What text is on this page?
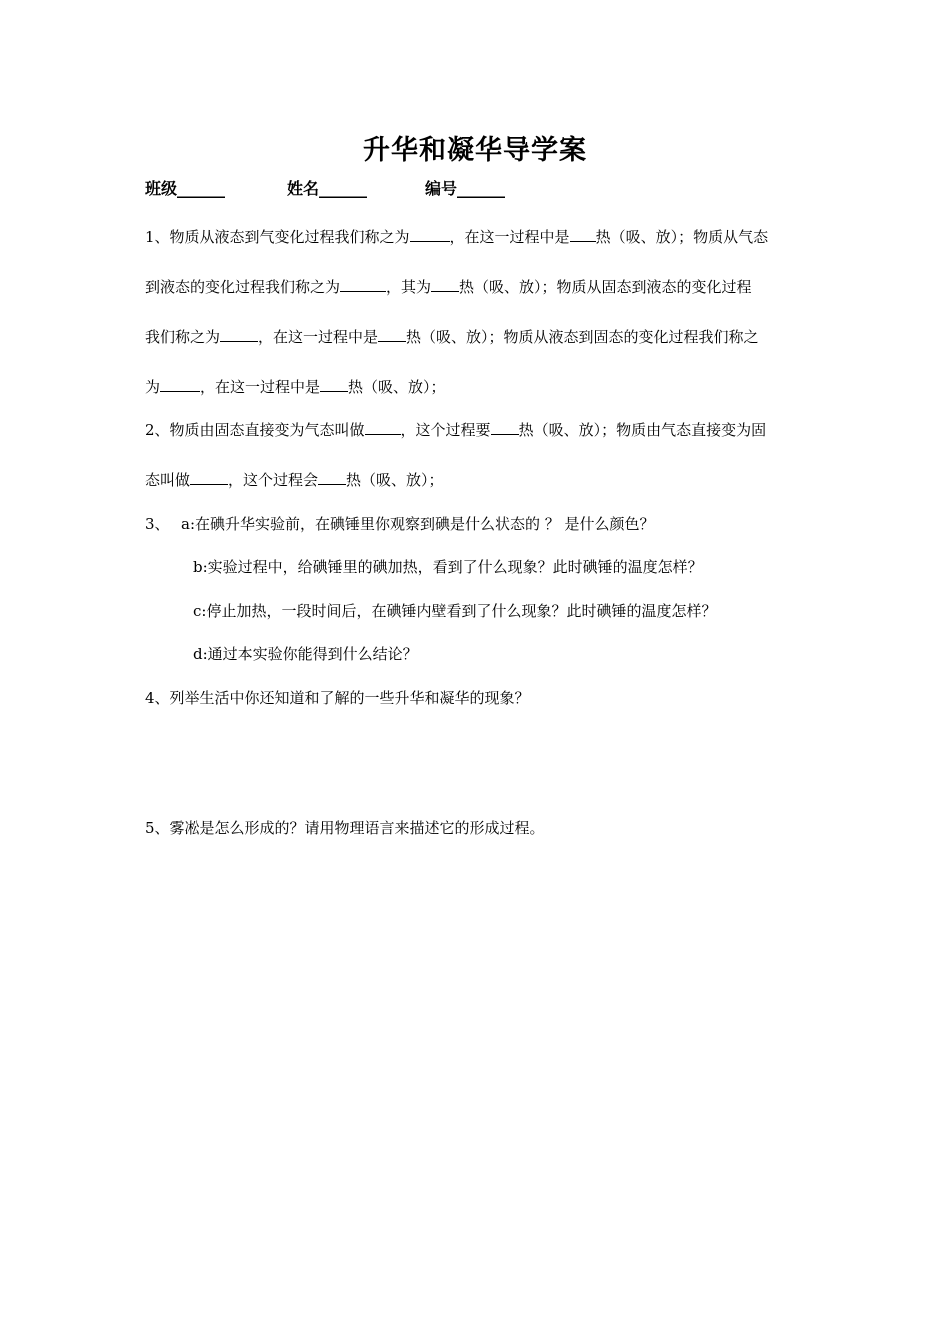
升华和凝华导学案
班级______	姓名______	编号______
1、物质从液态到气变化过程我们称之为	，在这一过程中是 热（吸、放）；物质从气态
到液态的变化过程我们称之为	，其为 热（吸、放）；物质从固态到液态的变化过程
我们称之为	，在这一过程中是 热（吸、放）；物质从液态到固态的变化过程我们称之
为	，在这一过程中是 热（吸、放）；
2、物质由固态直接变为气态叫做 ，这个过程要 热（吸、放）；物质由气态直接变为固
态叫做	，这个过程会 热（吸、放）；
3、 a:在碘升华实验前，在碘锤里你观察到碘是什么状态的 ？ 是什么颜色？
b:实验过程中，给碘锤里的碘加热，看到了什么现象？此时碘锤的温度怎样？
c:停止加热，一段时间后，在碘锤内壁看到了什么现象？此时碘锤的温度怎样？
d:通过本实验你能得到什么结论？
4、列举生活中你还知道和了解的一些升华和凝华的现象？
5、雾凇是怎么形成的？请用物理语言来描述它的形成过程。
